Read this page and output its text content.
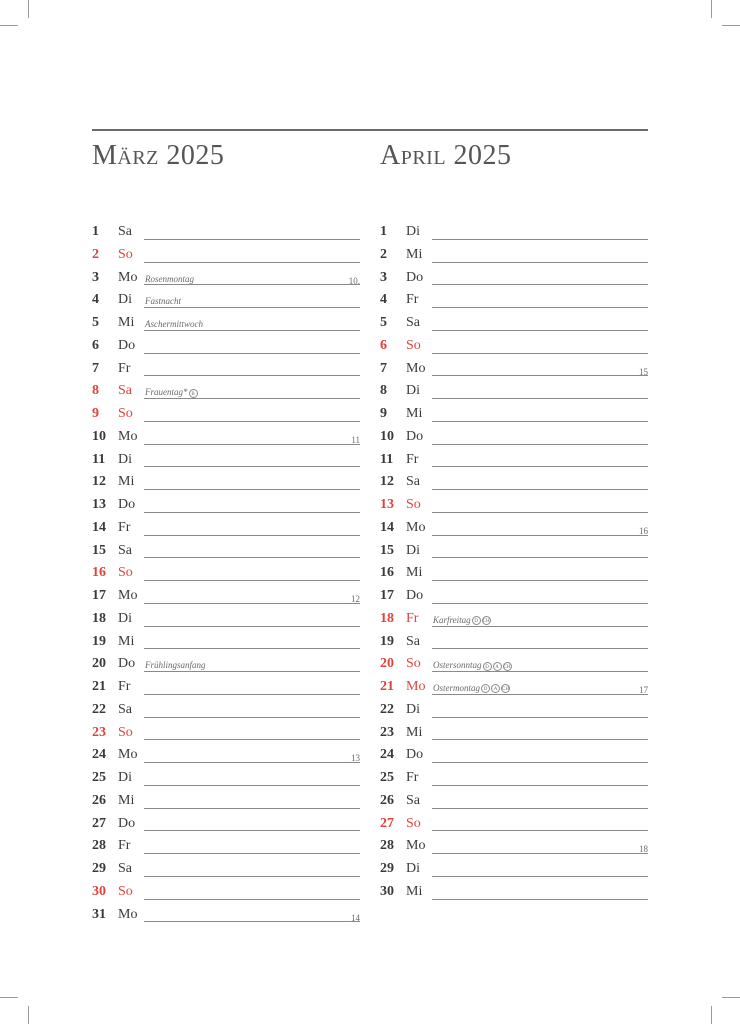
März 2025	April 2025
1 Sa
2 So
3 Mo Rosenmontag	10.
4 Di Fastnacht
5 Mi Aschermittwoch
6 Do
7 Fr
8 Sa Frauentag* B
9 So
10 Mo	11
11 Di
12 Mi
13 Do
14 Fr
15 Sa
16 So
17 Mo	12
18 Di
19 Mi
20 Do Frühlingsanfang
21 Fr
22 Sa
23 So
24 Mo	13
25 Di
26 Mi
27 Do
28 Fr
29 Sa
30 So
31 Mo	14
1 Di
2 Mi
3 Do
4 Fr
5 Sa
6 So
7 Mo	15
8 Di
9 Mi
10 Do
11 Fr
12 Sa
13 So
14 Mo	16
15 Di
16 Mi
17 Do
18 Fr Karfreitag D CH
19 Sa
20 So Ostersonntag D A CH
21 Mo Ostermontag D A CH	17
22 Di
23 Mi
24 Do
25 Fr
26 Sa
27 So
28 Mo	18
29 Di
30 Mi
